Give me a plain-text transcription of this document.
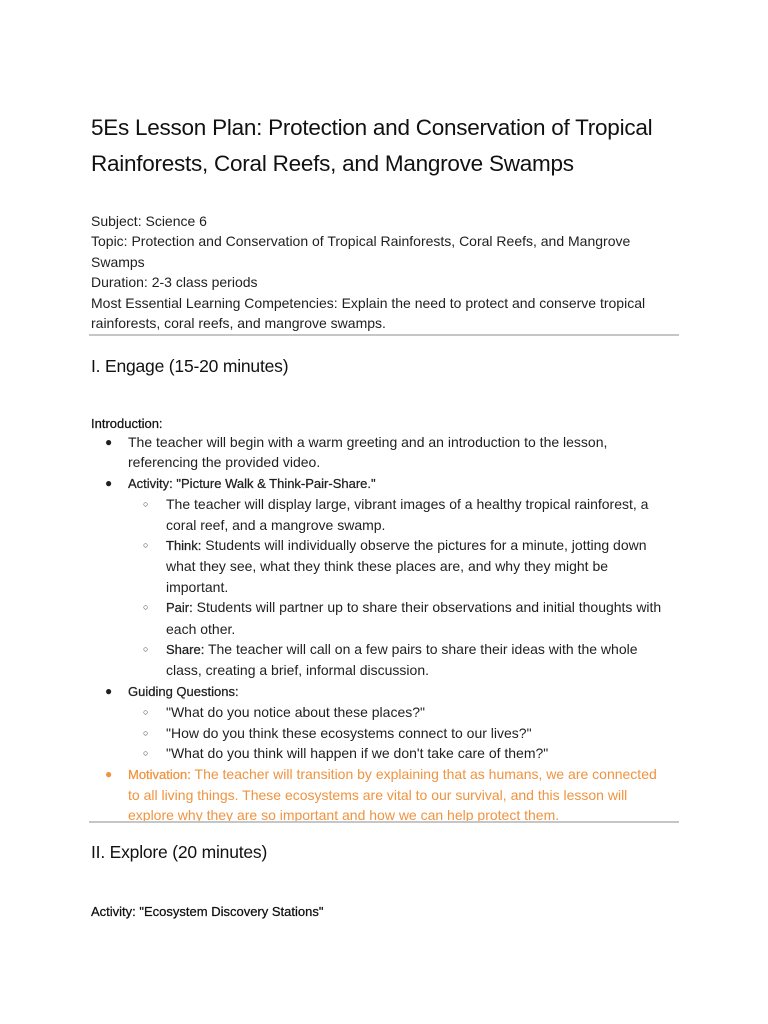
5Es Lesson Plan: Protection and Conservation of Tropical
Rainforests, Coral Reefs, and Mangrove Swamps

Subject: Science 6

Topic: Protection and Conservation of Tropical Rainforests, Coral Reefs, and Mangrove
Swamps

Duration: 2-3 class periods

Most Essential Learning Competencies: Explain the need to protect and conserve tropical
rainforests, coral reefs, and mangrove swamps.

I. Engage (15-20 minutes)
Introduction:
● The teacher will begin with a warm greeting and an introduction to the lesson,
referencing the provided video.
● Activity: "Picture Walk & Think-Pair-Share."
○ The teacher will display large, vibrant images of a healthy tropical rainforest, a
coral reef, and a mangrove swamp.
○ Think: Students will individually observe the pictures for a minute, jotting down
what they see, what they think these places are, and why they might be
important.
○ Pair: Students will partner up to share their observations and initial thoughts with
each other.
○ Share: The teacher will call on a few pairs to share their ideas with the whole
class, creating a brief, informal discussion.
● Guiding Questions:
○ "What do you notice about these places?"
○ "How do you think these ecosystems connect to our lives?"
○ "What do you think will happen if we don't take care of them?"
● Motivation: The teacher will transition by explaining that as humans, we are connected
to all living things. These ecosystems are vital to our survival, and this lesson will
explore why they are so important and how we can help protect them.
II. Explore (20 minutes)
Activity: "Ecosystem Discovery Stations"
